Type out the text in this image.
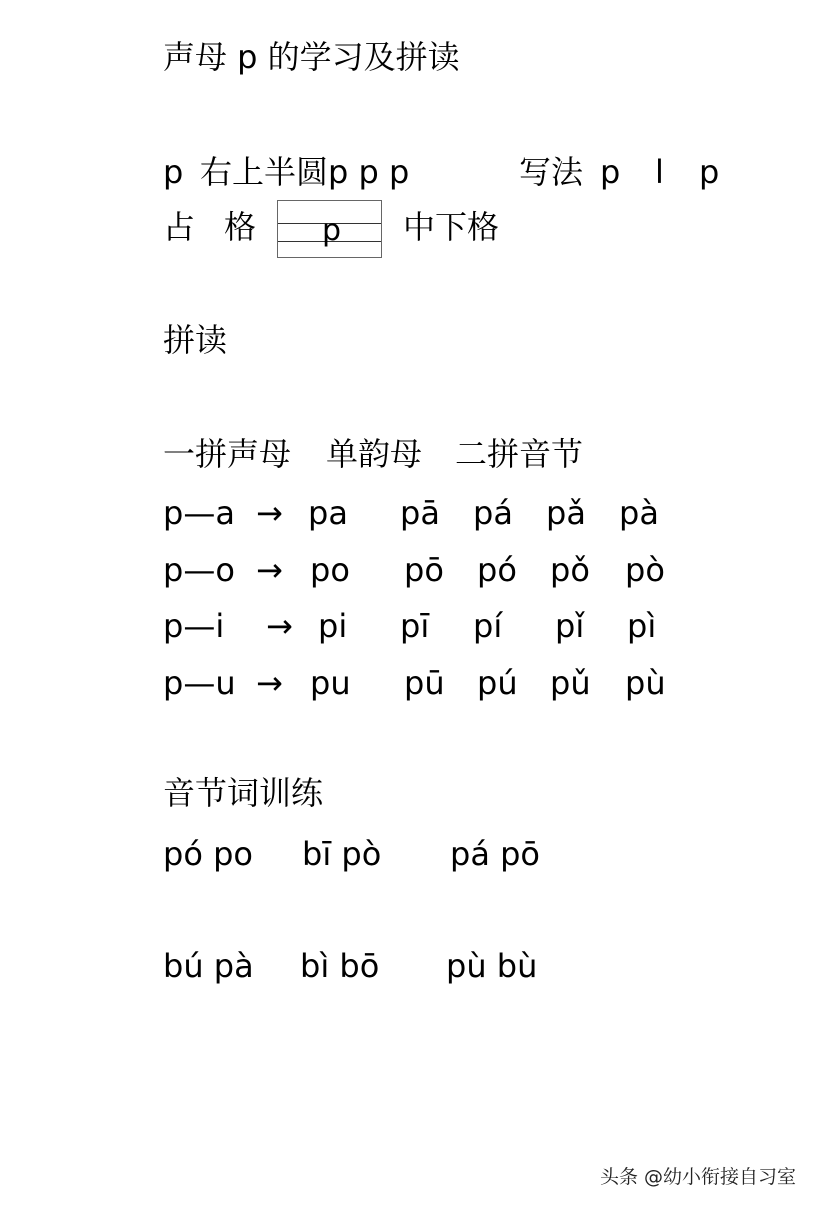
声母 p 的学习及拼读
p 右上半圆 p p p	写法 p l p
占 格 p 中下格
拼读
一拼声母 单韵母 二拼音节
p—a → pa pā pá pǎ pà
p—o → po pō pó pǒ pò
p—i → pi pī pí pǐ pì
p—u → pu pū pú pǔ pù
音节词训练
pó po bī pò pá pō
bú pà bì bō pù bù
头条 @幼小衔接自习室
